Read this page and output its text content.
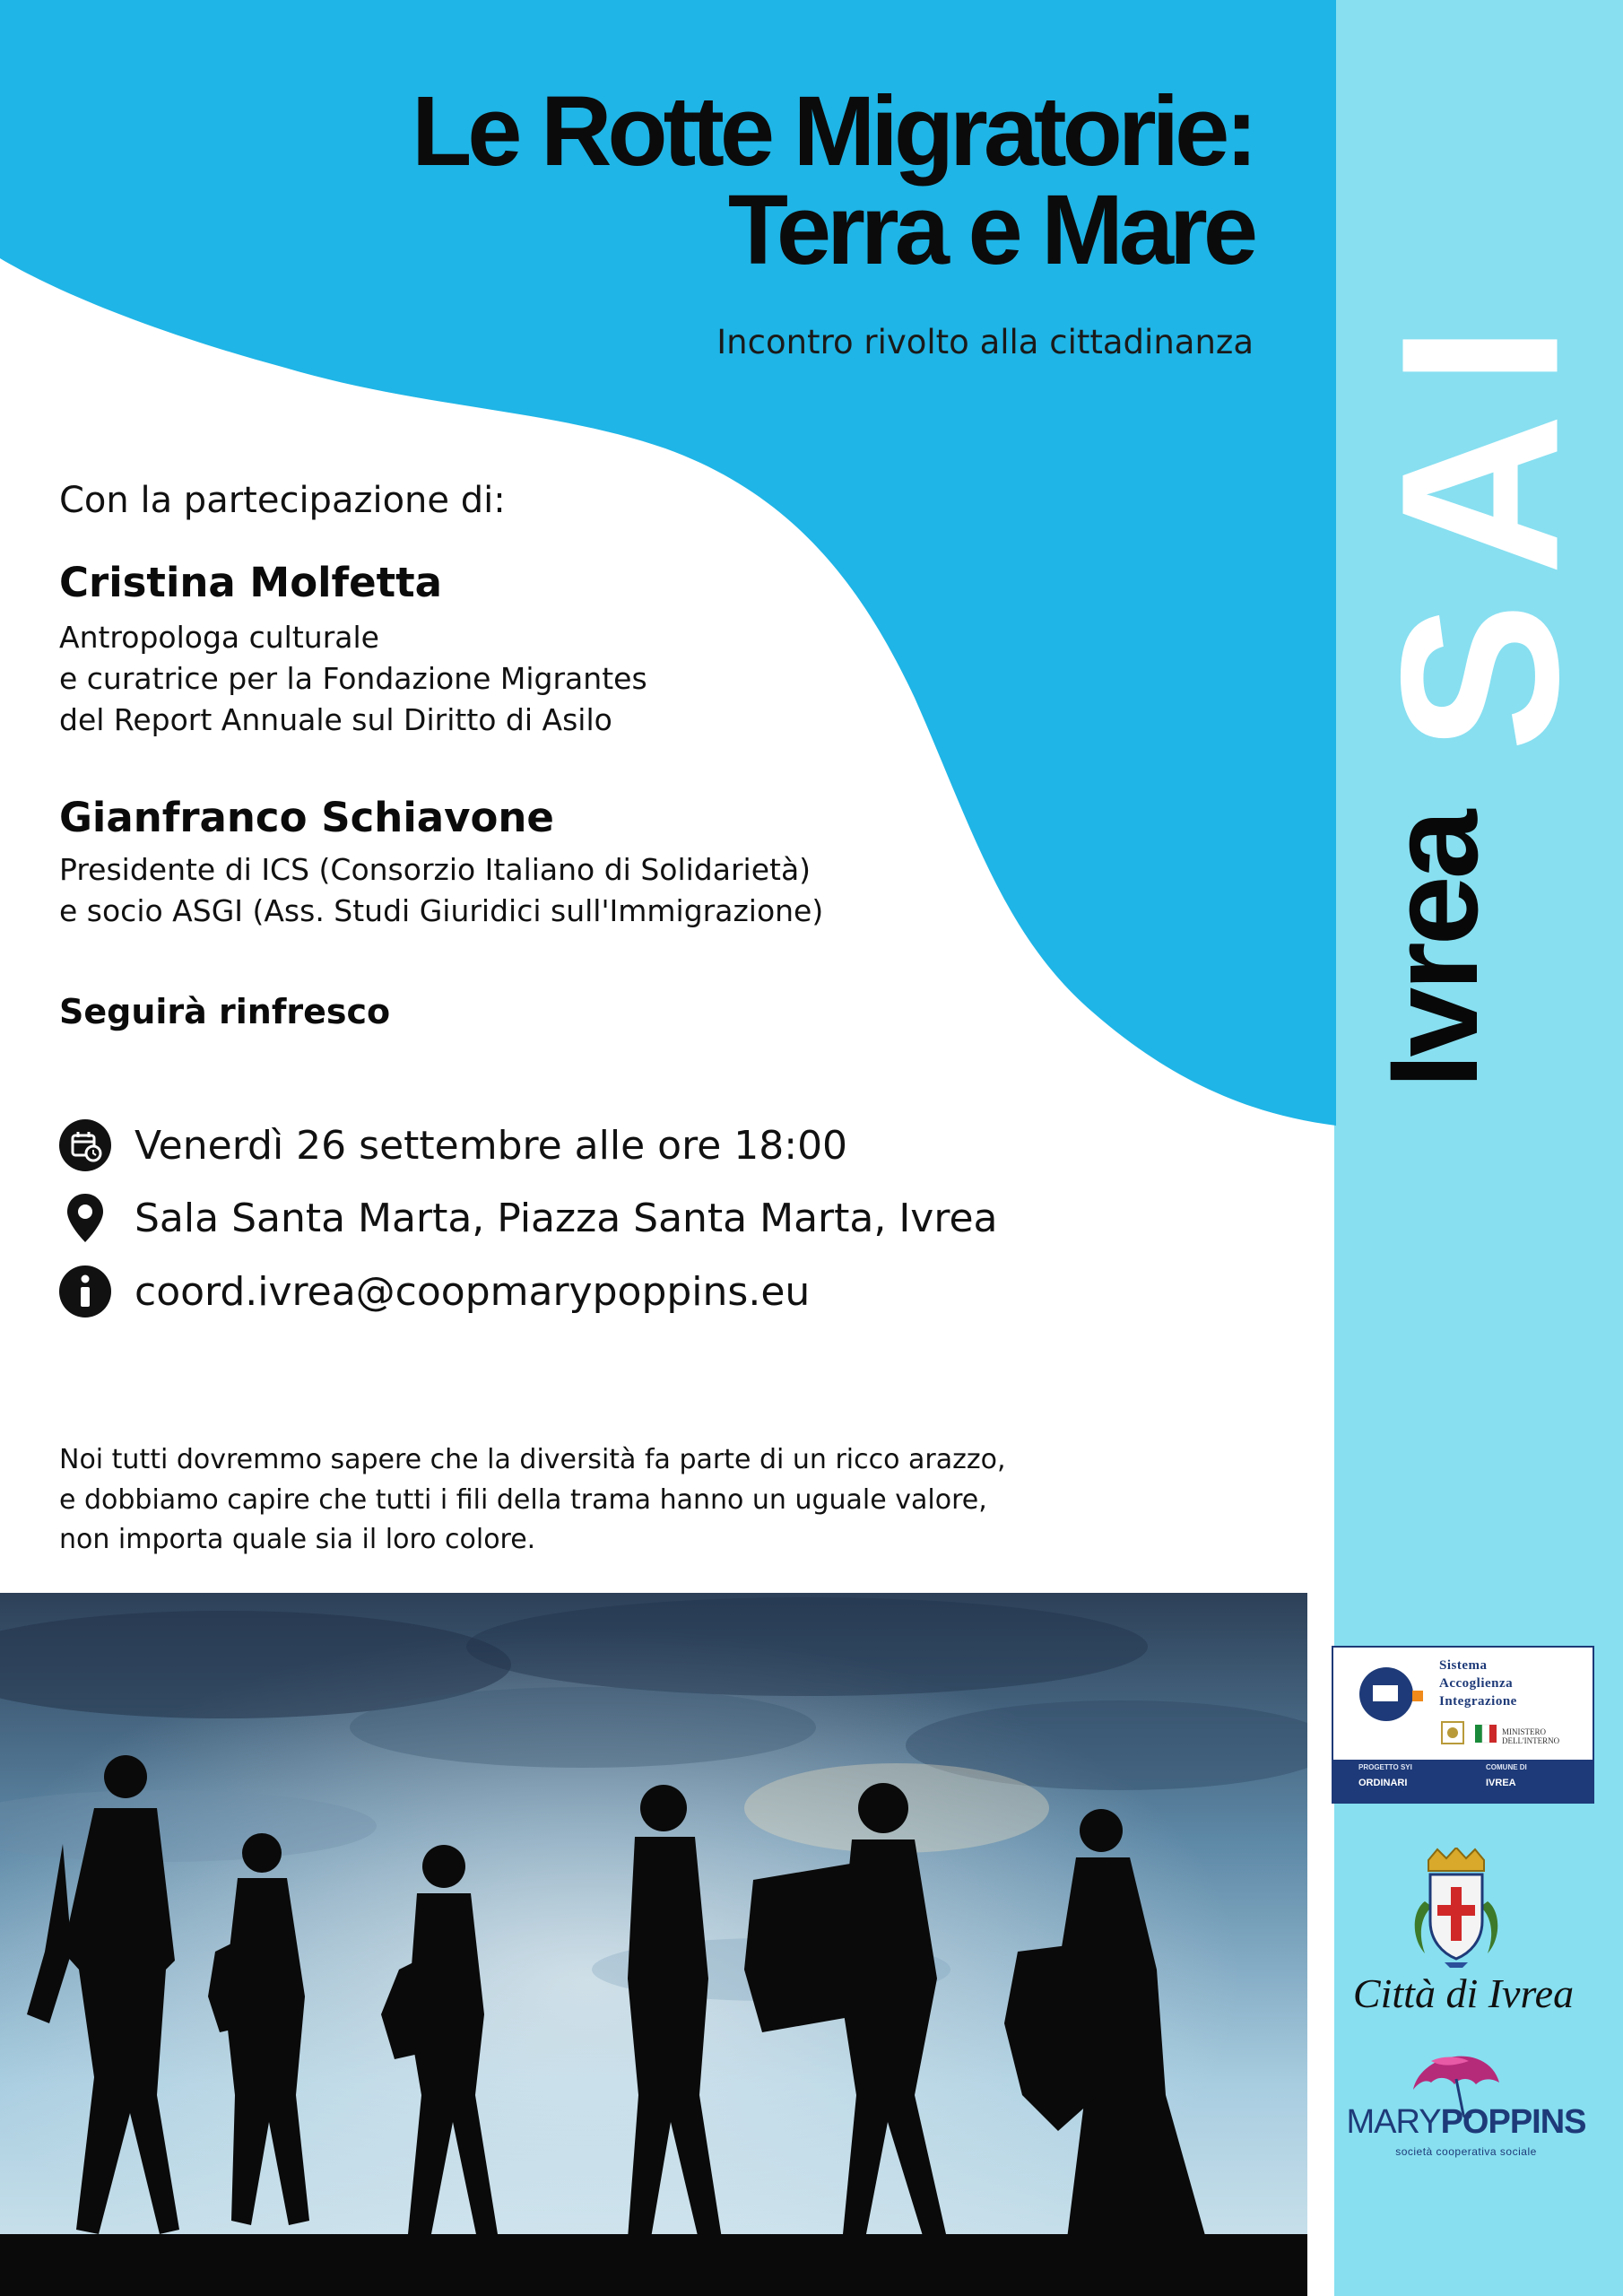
Le Rotte Migratorie:
Terra e Mare
Incontro rivolto alla cittadinanza
Con la partecipazione di:
Cristina Molfetta
Antropologa culturale
e curatrice per la Fondazione Migrantes
del Report Annuale sul Diritto di Asilo
Gianfranco Schiavone
Presidente di ICS (Consorzio Italiano di Solidarietà)
e socio ASGI (Ass. Studi Giuridici sull'Immigrazione)
Seguirà rinfresco
Venerdì 26 settembre alle ore 18:00
Sala Santa Marta, Piazza Santa Marta, Ivrea
coord.ivrea@coopmarypoppins.eu

Noi tutti dovremmo sapere che la diversità fa parte di un ricco arazzo,
e dobbiamo capire che tutti i fili della trama hanno un uguale valore,
non importa quale sia il loro colore.

SAI
Ivrea
Sistema
Accoglienza
Integrazione
MINISTERO DELL'INTERNO
PROGETTO SYI
ORDINARI
COMUNE DI
IVREA
Città di Ivrea
MARYPOPPINS
società cooperativa sociale
